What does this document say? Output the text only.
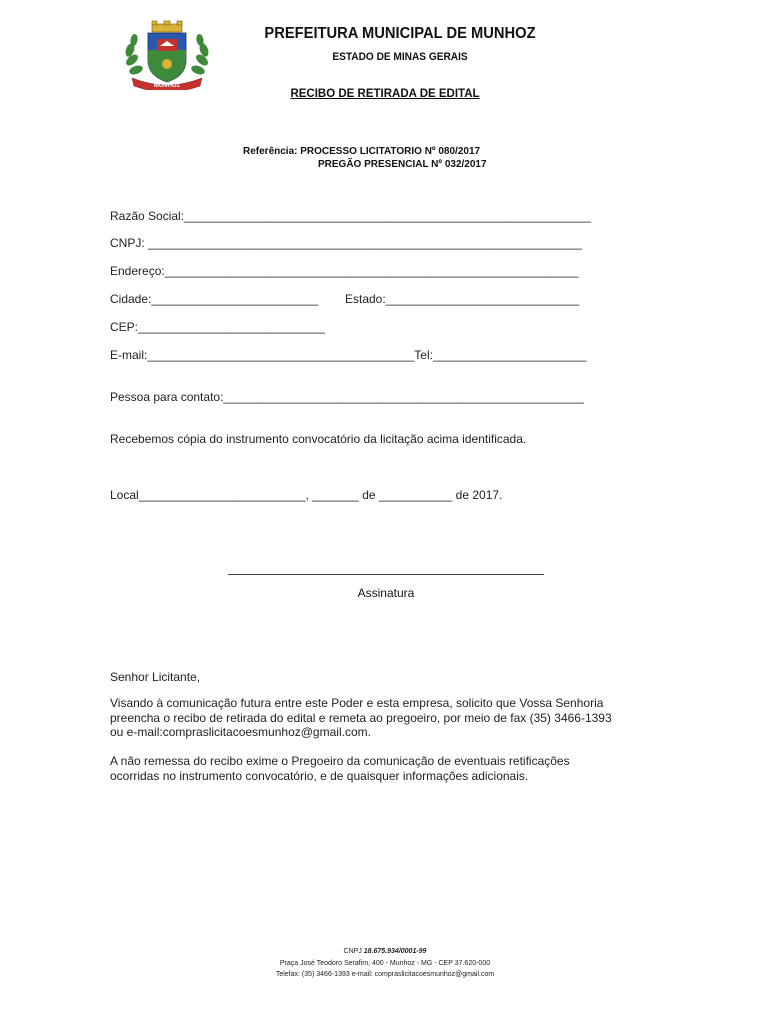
MUNHOZ
PREFEITURA MUNICIPAL DE MUNHOZ
ESTADO DE MINAS GERAIS
RECIBO DE RETIRADA DE EDITAL
Referência: PROCESSO LICITATORIO Nº 080/2017
PREGÃO PRESENCIAL Nº 032/2017
Razão Social:_____________________________________________________________
CNPJ: _________________________________________________________________
Endereço:______________________________________________________________
Cidade:_________________________ Estado:_____________________________
CEP:____________________________
E-mail:________________________________________Tel:_______________________
Pessoa para contato:______________________________________________________
Recebemos cópia do instrumento convocatório da licitação acima identificada.
Local_________________________, _______ de ___________ de 2017.
Assinatura
Senhor Licitante,
Visando à comunicação futura entre este Poder e esta empresa, solicito que Vossa Senhoria
preencha o recibo de retirada do edital e remeta ao pregoeiro, por meio de fax (35) 3466-1393
ou e-mail:compraslicitacoesmunhoz@gmail.com.
A não remessa do recibo exime o Pregoeiro da comunicação de eventuais retificações
ocorridas no instrumento convocatório, e de quaisquer informações adicionais.
CNPJ 18.675.934/0001-99
Praça José Teodoro Serafim, 400 - Munhoz - MG - CEP 37.620-000
Telefax: (35) 3466-1393 e-mail: compraslicitacoesmunhoz@gmail.com
